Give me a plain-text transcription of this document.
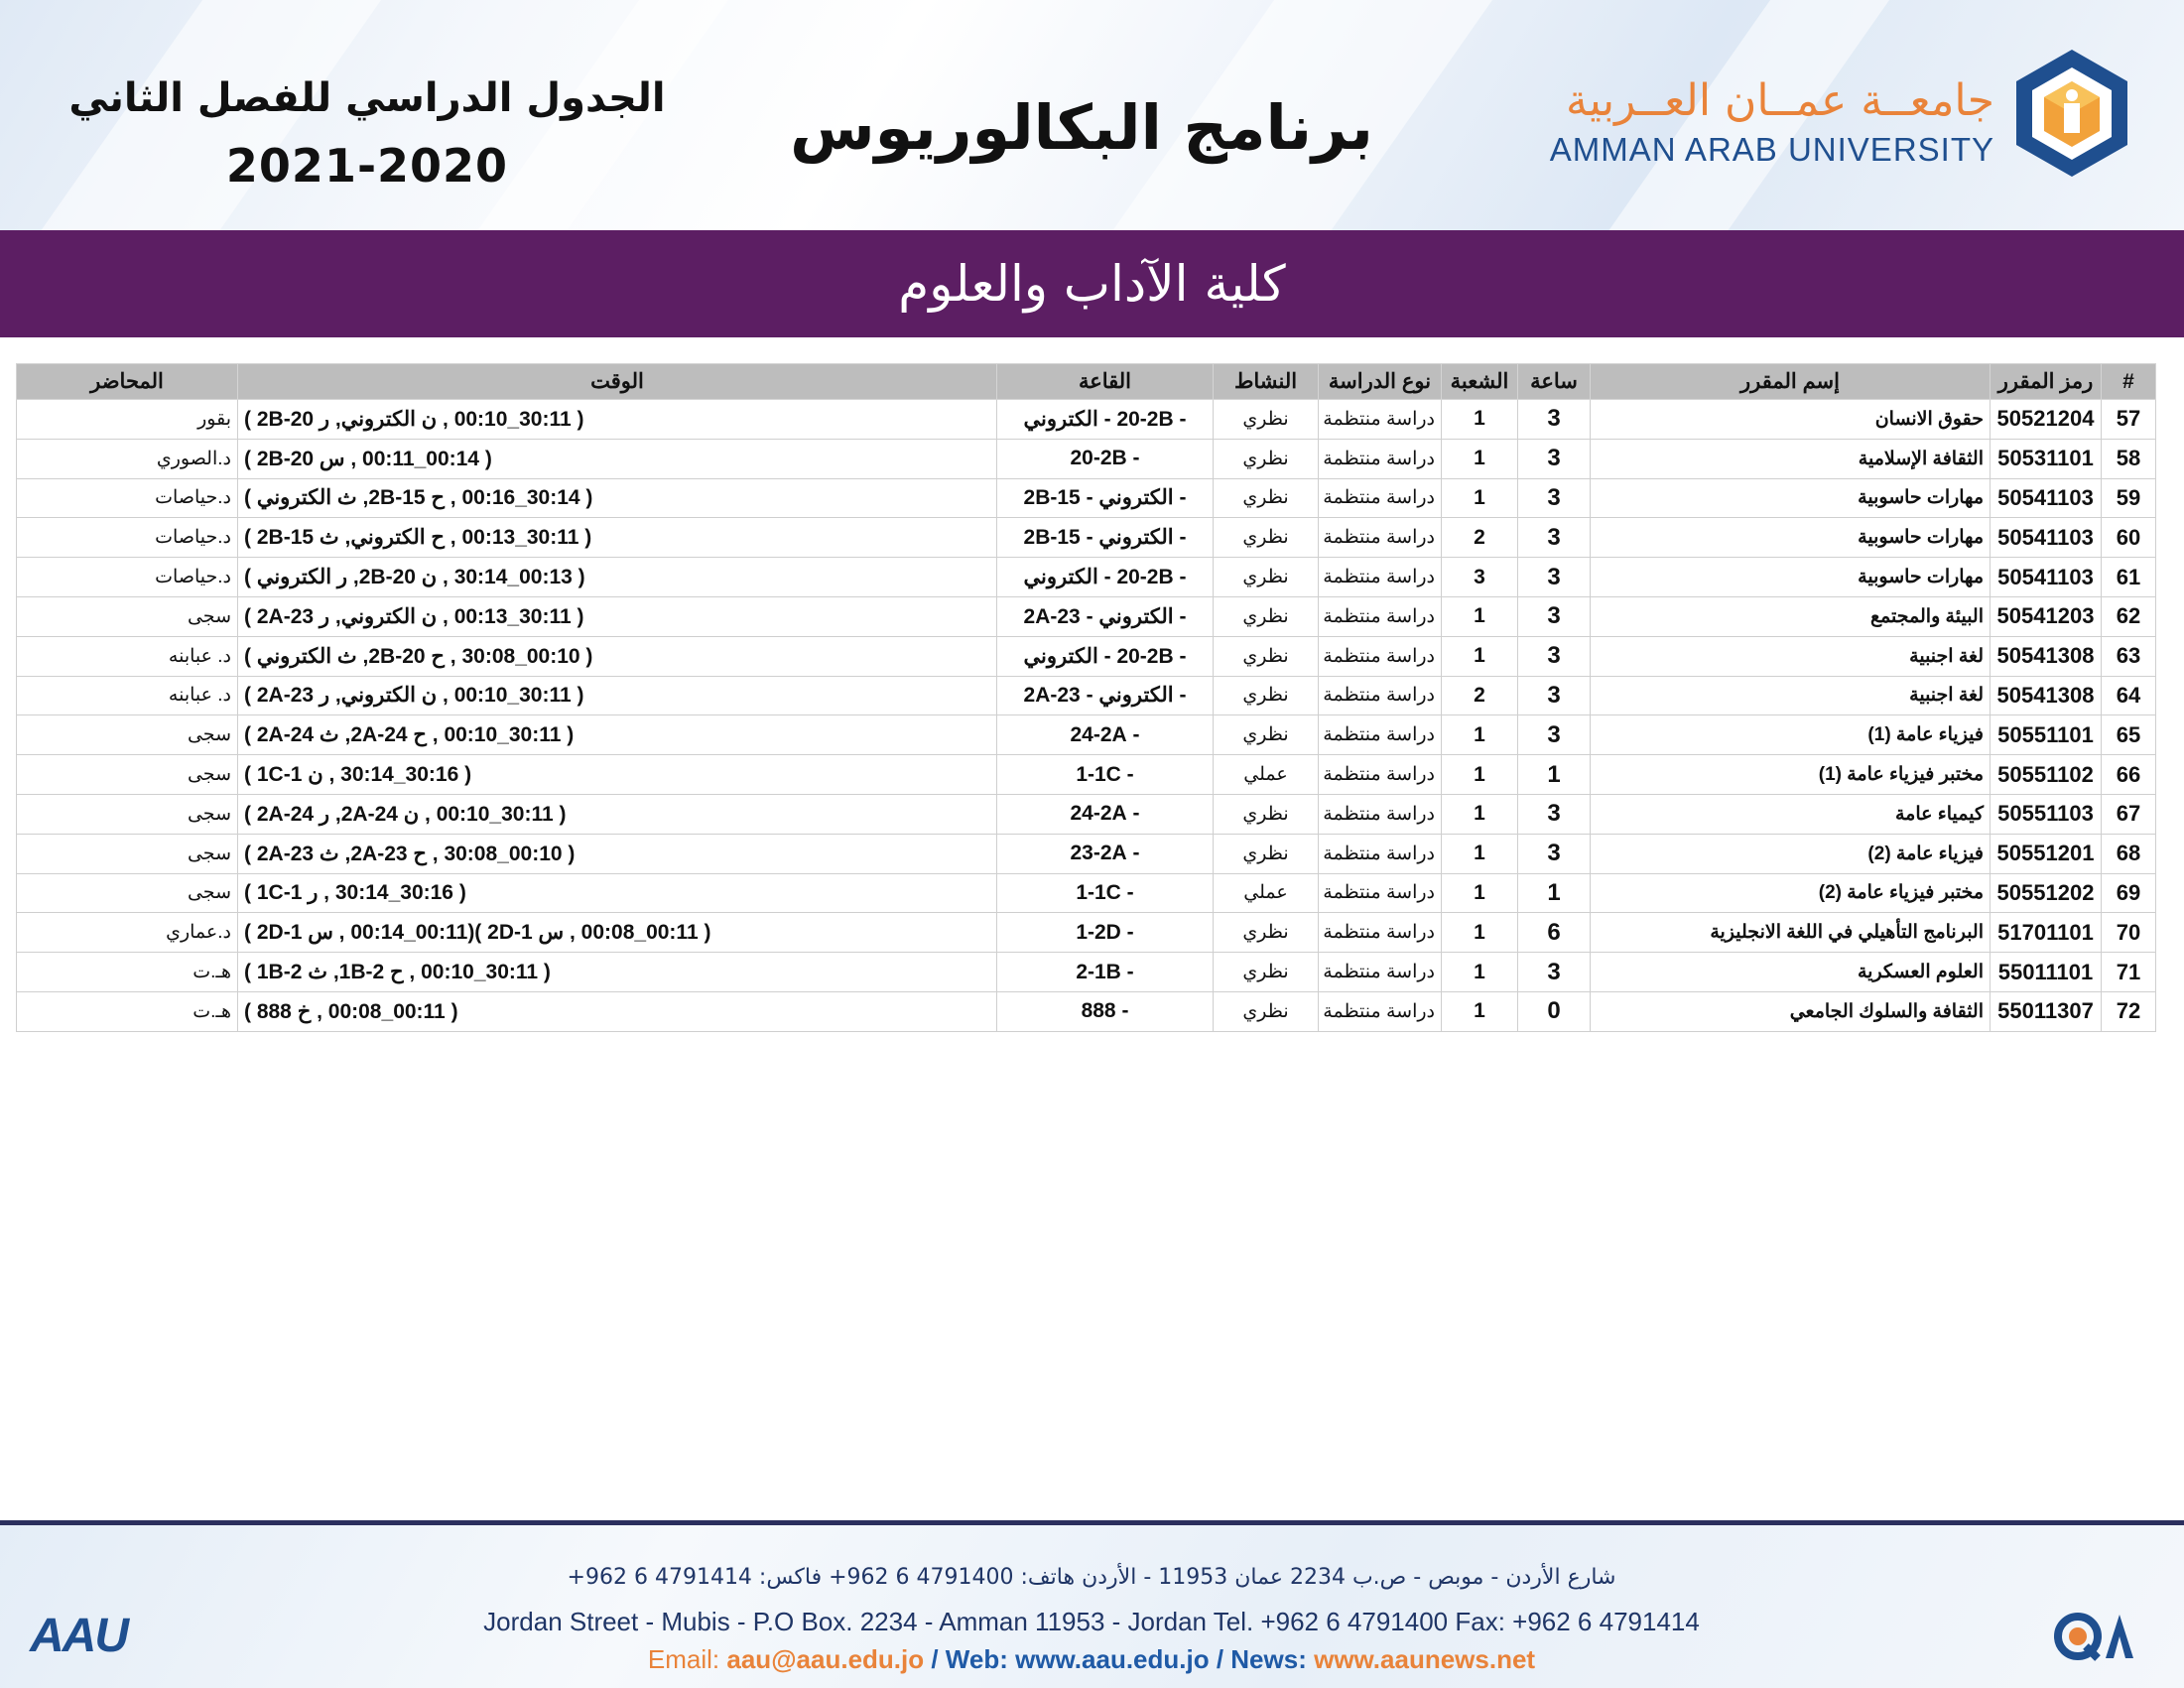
الجدول الدراسي للفصل الثاني
2021-2020
برنامج البكالوريوس	جامعــة عمــان العــربية
AMMAN ARAB UNIVERSITY
كلية الآداب والعلوم
#	رمز المقرر	إسم المقرر	ساعة	الشعبة	نوع الدراسة	النشاط	القاعة	الوقت	المحاضر
57	50521204	حقوق الانسان	3	1	دراسة منتظمة	نظري	- 20-2B - الكتروني	( 30:11_00:10 , ن الكتروني, ر 20-2B )	بقور
58	50531101	الثقافة الإسلامية	3	1	دراسة منتظمة	نظري	- 20-2B	( 00:14_00:11 , س 20-2B )	د.الصوري
59	50541103	مهارات حاسوبية	3	1	دراسة منتظمة	نظري	- الكتروني - 15-2B	( 30:14_00:16 , ح 15-2B, ث الكتروني )	د.حياصات
60	50541103	مهارات حاسوبية	3	2	دراسة منتظمة	نظري	- الكتروني - 15-2B	( 30:11_00:13 , ح الكتروني, ث 15-2B )	د.حياصات
61	50541103	مهارات حاسوبية	3	3	دراسة منتظمة	نظري	- 20-2B - الكتروني	( 00:13_30:14 , ن 20-2B, ر الكتروني )	د.حياصات
62	50541203	البيئة والمجتمع	3	1	دراسة منتظمة	نظري	- الكتروني - 23-2A	( 30:11_00:13 , ن الكتروني, ر 23-2A )	سجى
63	50541308	لغة اجنبية	3	1	دراسة منتظمة	نظري	- 20-2B - الكتروني	( 00:10_30:08 , ح 20-2B, ث الكتروني )	د. عبابنه
64	50541308	لغة اجنبية	3	2	دراسة منتظمة	نظري	- الكتروني - 23-2A	( 30:11_00:10 , ن الكتروني, ر 23-2A )	د. عبابنه
65	50551101	فيزياء عامة (1)	3	1	دراسة منتظمة	نظري	- 24-2A	( 30:11_00:10 , ح 24-2A, ث 24-2A )	سجى
66	50551102	مختبر فيزياء عامة (1)	1	1	دراسة منتظمة	عملي	- 1-1C	( 30:16_30:14 , ن 1-1C )	سجى
67	50551103	كيمياء عامة	3	1	دراسة منتظمة	نظري	- 24-2A	( 30:11_00:10 , ن 24-2A, ر 24-2A )	سجى
68	50551201	فيزياء عامة (2)	3	1	دراسة منتظمة	نظري	- 23-2A	( 00:10_30:08 , ح 23-2A, ث 23-2A )	سجى
69	50551202	مختبر فيزياء عامة (2)	1	1	دراسة منتظمة	عملي	- 1-1C	( 30:16_30:14 , ر 1-1C )	سجى
70	51701101	البرنامج التأهيلي في اللغة الانجليزية	6	1	دراسة منتظمة	نظري	- 1-2D	( 00:11_00:08 , س 1-2D )(00:14_00:11 , س 1-2D )	د.عماري
71	55011101	العلوم العسكرية	3	1	دراسة منتظمة	نظري	- 2-1B	( 30:11_00:10 , ح 2-1B, ث 2-1B )	هـ.ت
72	55011307	الثقافة والسلوك الجامعي	0	1	دراسة منتظمة	نظري	- 888	( 00:11_00:08 , خ 888 )	هـ.ت
AAU
شارع الأردن - موبص - ص.ب 2234 عمان 11953 - الأردن هاتف: 4791400 6 962+ فاكس: 4791414 6 962+
Jordan Street - Mubis - P.O Box. 2234 - Amman 11953 - Jordan Tel. +962 6 4791400 Fax: +962 6 4791414
Email: aau@aau.edu.jo / Web: www.aau.edu.jo / News: www.aaunews.net
